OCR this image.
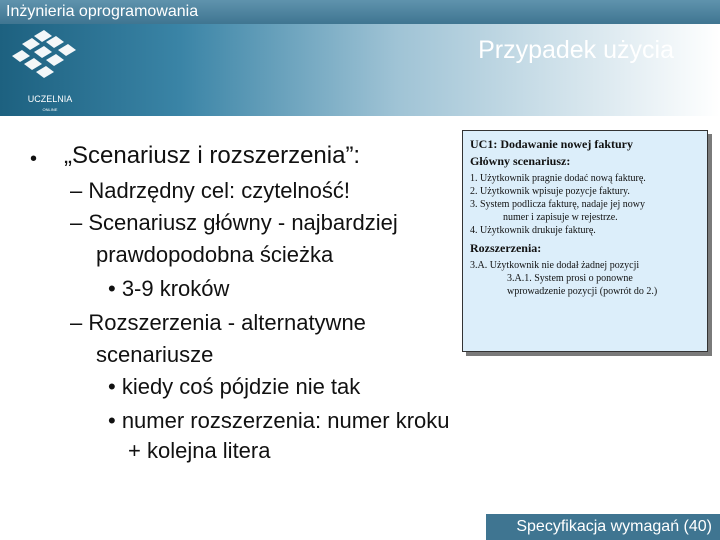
Inżynieria oprogramowania
UCZELNIA
ONLINE
Przypadek użycia
• „Scenariusz i rozszerzenia”:
– Nadrzędny cel: czytelność!
– Scenariusz główny - najbardziej
prawdopodobna ścieżka
• 3-9 kroków
– Rozszerzenia - alternatywne
scenariusze
• kiedy coś pójdzie nie tak
• numer rozszerzenia: numer kroku
+ kolejna litera
UC1: Dodawanie nowej faktury
Główny scenariusz:
1. Użytkownik pragnie dodać nową fakturę.
2. Użytkownik wpisuje pozycje faktury.
3. System podlicza fakturę, nadaje jej nowy
numer i zapisuje w rejestrze.
4. Użytkownik drukuje fakturę.
Rozszerzenia:
3.A. Użytkownik nie dodał żadnej pozycji
3.A.1. System prosi o ponowne
wprowadzenie pozycji (powrót do 2.)
Specyfikacja wymagań (40)
